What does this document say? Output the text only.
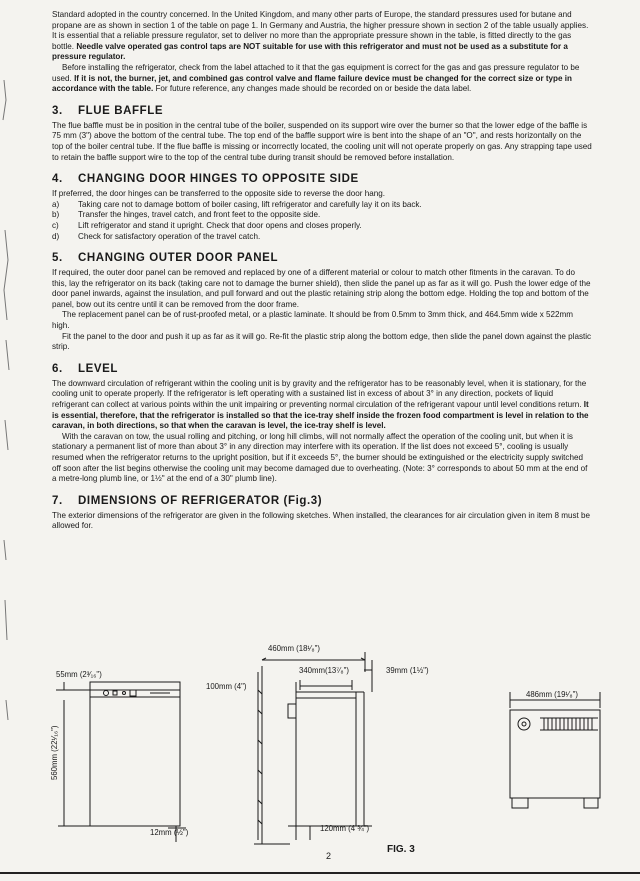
Standard adopted in the country concerned. In the United Kingdom, and many other parts of Europe, the standard pressures used for butane and propane are as shown in section 1 of the table on page 1. In Germany and Austria, the higher pressure shown in section 2 of the table usually applies. It is essential that a reliable pressure regulator, set to deliver no more than the appropriate pressure shown in the table, is fitted directly to the gas bottle. Needle valve operated gas control taps are NOT suitable for use with this refrigerator and must not be used as a substitute for a pressure regulator.

Before installing the refrigerator, check from the label attached to it that the gas equipment is correct for the gas and gas pressure regulator to be used. If it is not, the burner, jet, and combined gas control valve and flame failure device must be changed for the correct size or type in accordance with the table. For future reference, any changes made should be recorded on or beside the data label.

3. FLUE BAFFLE

The flue baffle must be in position in the central tube of the boiler, suspended on its support wire over the burner so that the lower edge of the baffle is 75 mm (3") above the bottom of the central tube. The top end of the baffle support wire is bent into the shape of an "O", and rests horizontally on the top of the boiler central tube. If the flue baffle is missing or incorrectly located, the cooling unit will not operate properly on gas. Any strapping tape used to retain the baffle support wire to the top of the central tube during transit should be removed before installation.

4. CHANGING DOOR HINGES TO OPPOSITE SIDE

If preferred, the door hinges can be transferred to the opposite side to reverse the door hang.

a) Taking care not to damage bottom of boiler casing, lift refrigerator and carefully lay it on its back.
b) Transfer the hinges, travel catch, and front feet to the opposite side.
c) Lift refrigerator and stand it upright. Check that door opens and closes properly.
d) Check for satisfactory operation of the travel catch.
5. CHANGING OUTER DOOR PANEL

If required, the outer door panel can be removed and replaced by one of a different material or colour to match other fitments in the caravan. To do this, lay the refrigerator on its back (taking care not to damage the burner shield), then slide the panel up as far as it will go. Push the lower edge of the door panel inwards, against the insulation, and pull forward and out the plastic retaining strip along the bottom edge. Holding the top and bottom of the panel, bow out its centre until it can be removed from the door frame.

The replacement panel can be of rust-proofed metal, or a plastic laminate. It should be from 0.5mm to 3mm thick, and 464.5mm wide x 522mm high.

Fit the panel to the door and push it up as far as it will go. Re-fit the plastic strip along the bottom edge, then slide the panel down against the plastic strip.

6. LEVEL

The downward circulation of refrigerant within the cooling unit is by gravity and the refrigerator has to be reasonably level, when it is stationary, for the cooling unit to operate properly. If the refrigerator is left operating with a sustained list in excess of about 3° in any direction, pockets of liquid refrigerant can collect at various points within the unit impairing or preventing normal circulation of the refrigerant vapour until level conditions return. It is essential, therefore, that the refrigerator is installed so that the ice-tray shelf inside the frozen food compartment is level in relation to the caravan, in both directions, so that when the caravan is level, the ice-tray shelf is level.

With the caravan on tow, the usual rolling and pitching, or long hill climbs, will not normally affect the operation of the cooling unit, but when it is stationary a permanent list of more than about 3° in any direction may interfere with its operation. If the list does not exceed 5°, cooling is usually resumed when the refrigerator returns to the upright position, but if it exceeds 5°, the burner should be extinguished or the electricity supply switched off soon after the list begins otherwise the cooling unit may become damaged due to overheating. (Note: 3° corresponds to about 50 mm at the end of a metre-long plumb line, or 1½" at the end of a 30" plumb line).

7. DIMENSIONS OF REFRIGERATOR (Fig.3)

The exterior dimensions of the refrigerator are given in the following sketches. When installed, the clearances for air circulation given in item 8 must be allowed for.

55mm (2³⁄₁₆")
560mm (22¹⁄₁₆")
12mm (½")
460mm (18¹⁄₈")
100mm (4")
340mm(13⁷⁄₈")	39mm (1½")
120mm (4 ¾")
486mm (19¹⁄₈")
2
FIG. 3
